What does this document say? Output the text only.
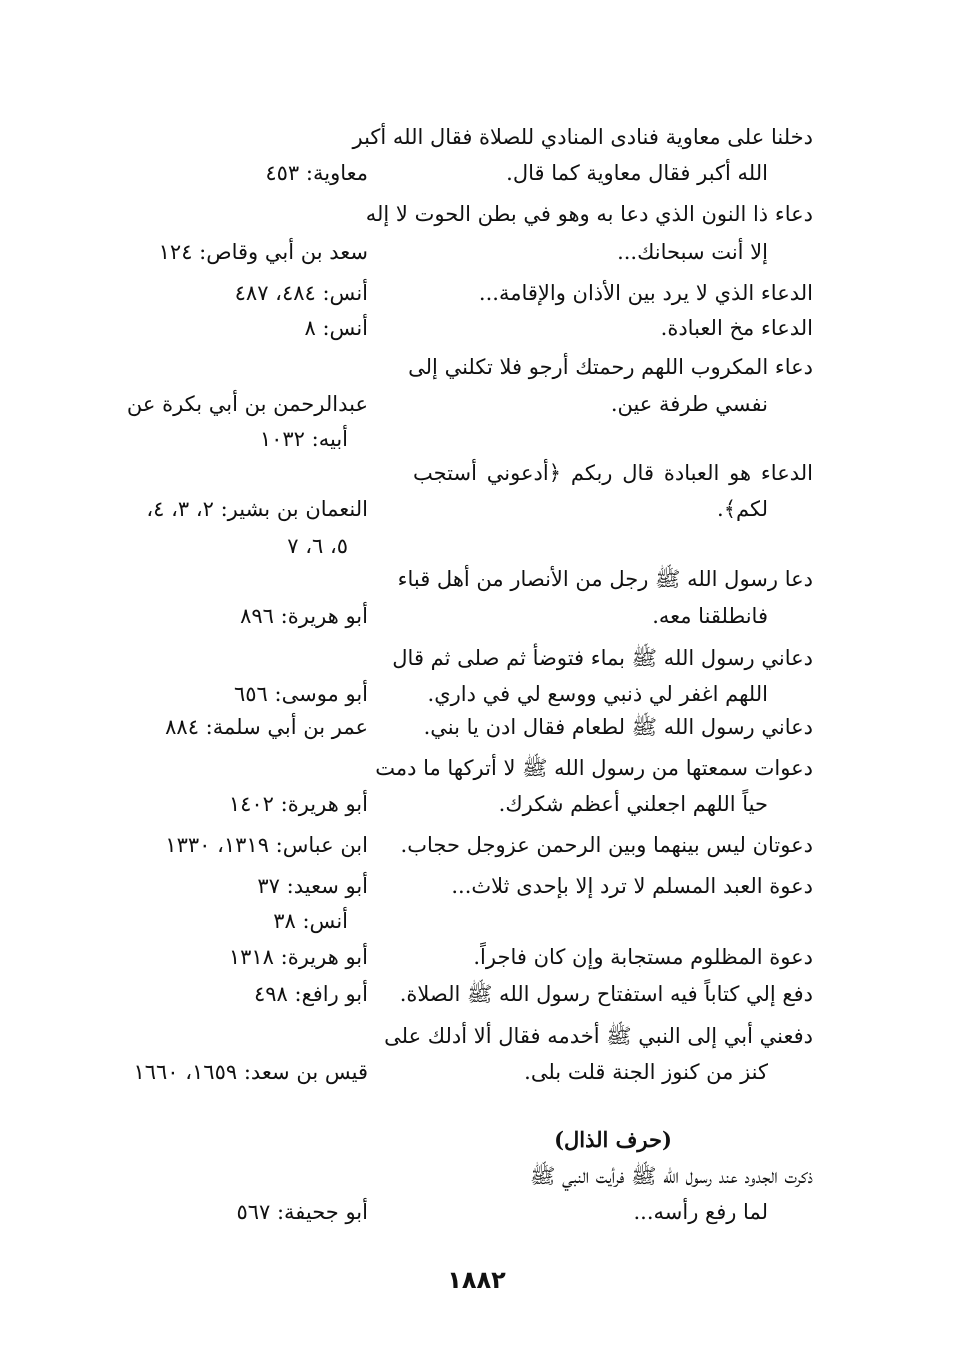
دخلنا على معاوية فنادى المنادي للصلاة فقال الله أكبر
الله أكبر فقال معاوية كما قال.
معاوية: ٤٥٣
دعاء ذا النون الذي دعا به وهو في بطن الحوت لا إله
إلا أنت سبحانك...
سعد بن أبي وقاص: ١٢٤
الدعاء الذي لا يرد بين الأذان والإقامة...
أنس: ٤٨٤، ٤٨٧
الدعاء مخ العبادة.
أنس: ٨
دعاء المكروب اللهم رحمتك أرجو فلا تكلني إلى
نفسي طرفة عين.
عبدالرحمن بن أبي بكرة عن
أبيه: ١٠٣٢
الدعاء هو العبادة قال ربكم ﴿أدعوني أستجب
لكم﴾.
النعمان بن بشير: ٢، ٣، ٤،
٥، ٦، ٧
دعا رسول الله ﷺ رجل من الأنصار من أهل قباء
فانطلقنا معه.
أبو هريرة: ٨٩٦
دعاني رسول الله ﷺ بماء فتوضأ ثم صلى ثم قال
اللهم اغفر لي ذنبي ووسع لي في داري.
أبو موسى: ٦٥٦
دعاني رسول الله ﷺ لطعام فقال ادن يا بني.
عمر بن أبي سلمة: ٨٨٤
دعوات سمعتها من رسول الله ﷺ لا أتركها ما دمت
حياً اللهم اجعلني أعظم شكرك.
أبو هريرة: ١٤٠٢
دعوتان ليس بينهما وبين الرحمن عزوجل حجاب.
ابن عباس: ١٣١٩، ١٣٣٠
دعوة العبد المسلم لا ترد إلا بإحدى ثلاث...
أبو سعيد: ٣٧
أنس: ٣٨
دعوة المظلوم مستجابة وإن كان فاجراً.
أبو هريرة: ١٣١٨
دفع إلي كتاباً فيه استفتاح رسول الله ﷺ الصلاة.
أبو رافع: ٤٩٨
دفعني أبي إلى النبي ﷺ أخدمه فقال ألا أدلك على
كنز من كنوز الجنة قلت بلى.
قيس بن سعد: ١٦٥٩، ١٦٦٠
(حرف الذال)
ذكرت الجدود عند رسول الله ﷺ فرأيت النبي ﷺ
لما رفع رأسه...
أبو جحيفة: ٥٦٧
١٨٨٢
